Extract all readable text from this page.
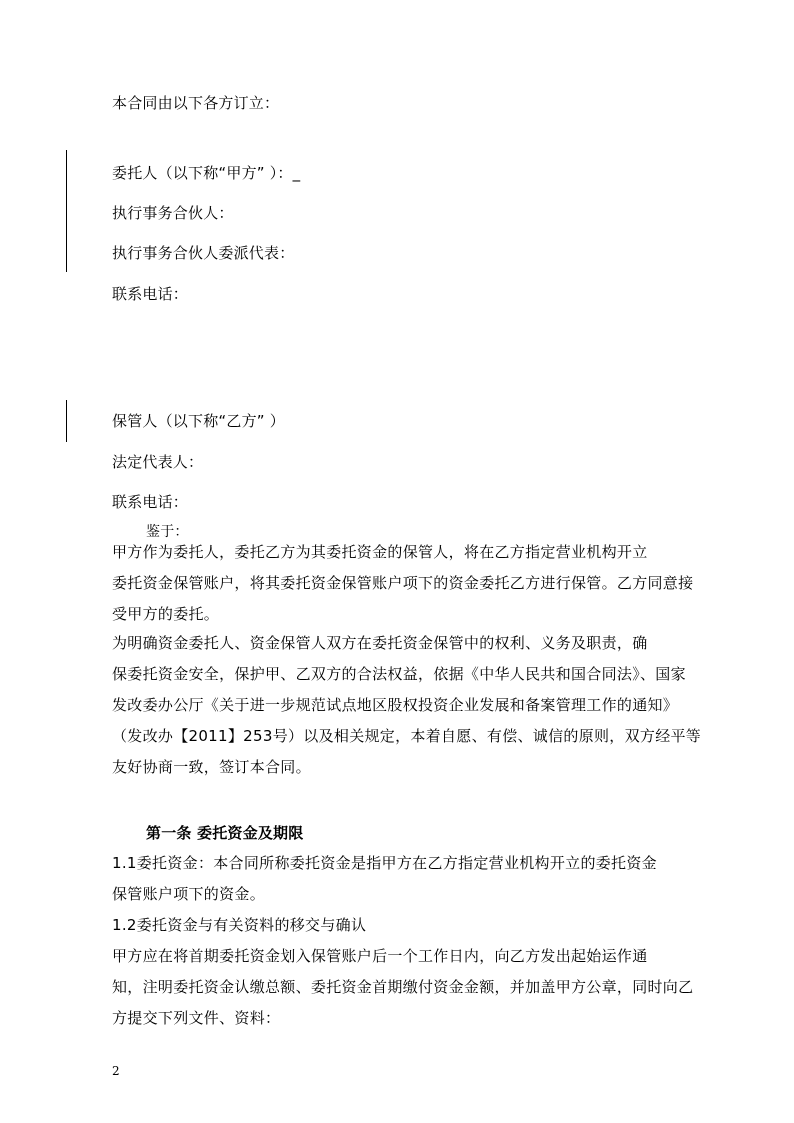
本合同由以下各方订立：
委托人（以下称“甲方” ）：_
执行事务合伙人：
执行事务合伙人委派代表：
联系电话：
保管人（以下称“乙方” ）
法定代表人：
联系电话：
鉴于：
甲方作为委托人，委托乙方为其委托资金的保管人，将在乙方指定营业机构开立
委托资金保管账户，将其委托资金保管账户项下的资金委托乙方进行保管。乙方同意接
受甲方的委托。
为明确资金委托人、资金保管人双方在委托资金保管中的权利、义务及职责，确
保委托资金安全，保护甲、乙双方的合法权益，依据《中华人民共和国合同法》、国家
发改委办公厅《关于进一步规范试点地区股权投资企业发展和备案管理工作的通知》
（发改办【2011】253号）以及相关规定，本着自愿、有偿、诚信的原则，双方经平等
友好协商一致，签订本合同。
第一条 委托资金及期限
1.1委托资金：本合同所称委托资金是指甲方在乙方指定营业机构开立的委托资金
保管账户项下的资金。
1.2委托资金与有关资料的移交与确认
甲方应在将首期委托资金划入保管账户后一个工作日内，向乙方发出起始运作通
知，注明委托资金认缴总额、委托资金首期缴付资金金额，并加盖甲方公章，同时向乙
方提交下列文件、资料：
2
